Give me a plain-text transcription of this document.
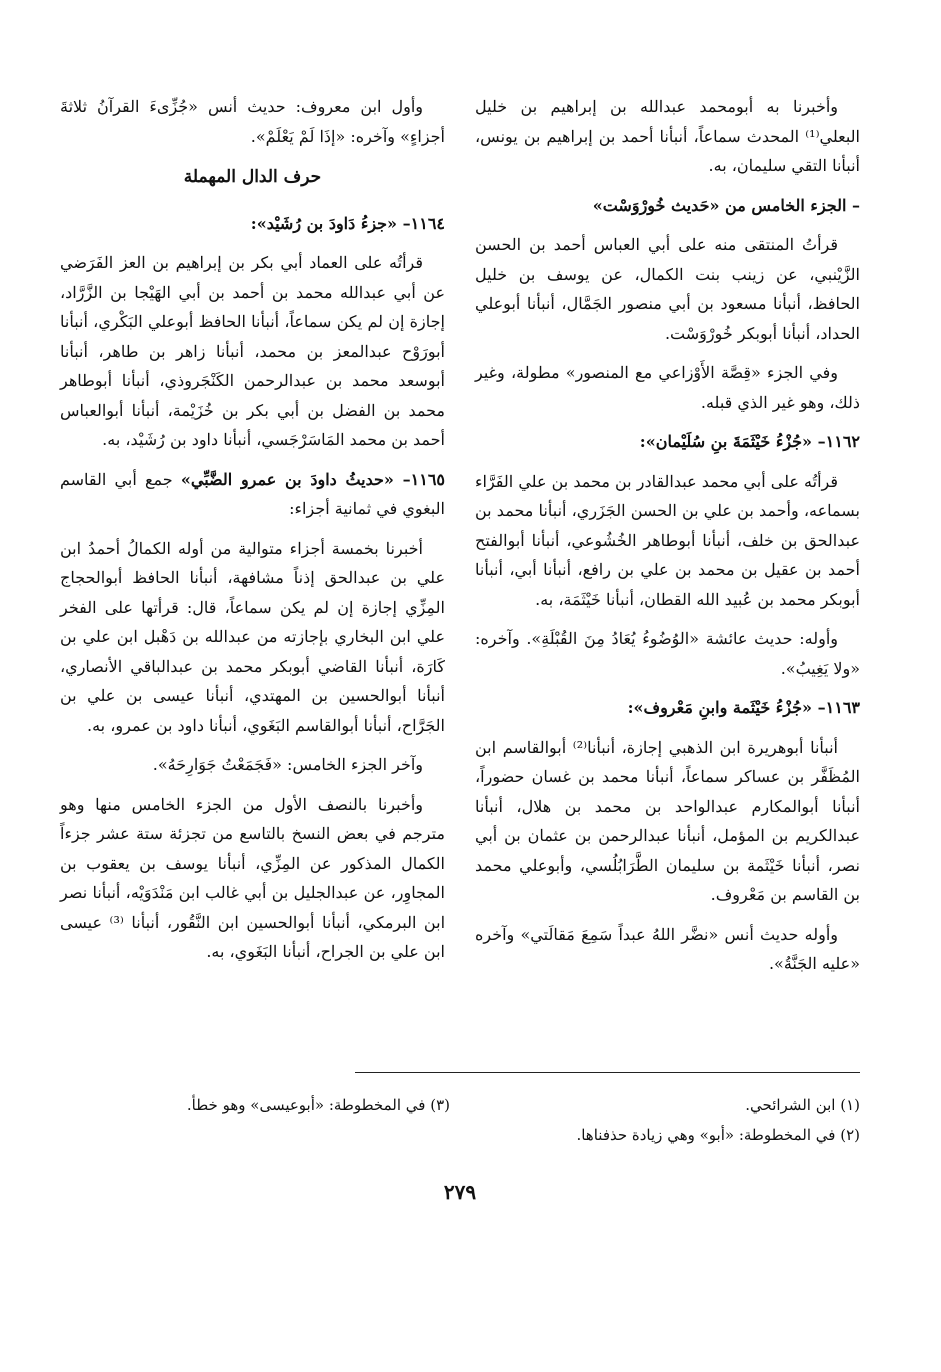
وأخبرنا به أبومحمد عبدالله بن إبراهيم بن خليل البعلي⁽¹⁾ المحدث سماعاً، أنبأنا أحمد بن إبراهيم بن يونس، أنبأنا التقي سليمان، به.

– الجزء الخامس من «حَديث خُورْوَسْت»

قرأتُ المنتقى منه على أبي العباس أحمد بن الحسن الزَّيْنبي، عن زينب بنت الكمال، عن يوسف بن خليل الحافظ، أنبأنا مسعود بن أبي منصور الجَمَّال، أنبأنا أبوعلي الحداد، أنبأنا أبوبكر خُورْوَسْت.

وفي الجزء «قِصَّة الأَوْزاعي مع المنصور» مطولة، وغير ذلك، وهو غير الذي قبله.

١١٦٢– «جُزْءُ خَيْثَمَةَ بنِ سُلَيْمان»:

قرأتُه على أبي محمد عبدالقادر بن محمد بن علي الفَرَّاء بسماعه، وأحمد بن علي بن الحسن الجَزَري، أنبأنا محمد بن عبدالحق بن خلف، أنبأنا أبوطاهر الخُشُوعي، أنبأنا أبوالفتح أحمد بن عقيل بن محمد بن علي بن رافع، أنبأنا أبي، أنبأنا أبوبكر محمد بن عُبيد الله القطان، أنبأنا خَيْثَمَة، به.

وأوله: حديث عائشة «الوُضُوءُ يُعَادُ مِنَ القُبْلَةِ». وآخره: «ولا يَغِيبُ».

١١٦٣– «جُزْءُ خَيْثَمة وابنِ مَعْروف»:

أنبأنا أبوهريرة ابن الذهبي إجازة، أنبأنا⁽²⁾ أبوالقاسم ابن المُظَفَّر بن عساكر سماعاً، أنبأنا محمد بن غسان حضوراً، أنبأنا أبوالمكارم عبدالواحد بن محمد بن هلال، أنبأنا عبدالكريم بن المؤمل، أنبأنا عبدالرحمن بن عثمان بن أبي نصر، أنبأنا خَيْثَمة بن سليمان الطَّرَابُلُسي، وأبوعلي محمد بن القاسم بن مَعْروف.

وأوله حديث أنس «نضَّر اللهُ عبداً سَمِعَ مَقالَتي» وآخره «عليه الجَنَّةُ».

وأول ابن معروف: حديث أنس «جُزِّىءَ القرآنُ ثلاثةَ أجزاءٍ» وآخره: «إذَا لَمْ يَعْلَمْ».

حرف الدال المهملة

١١٦٤– «جزءُ دَاودَ بن رُشَيْد»:

قرأتُه على العماد أبي بكر بن إبراهيم بن العز الفَرَضي عن أبي عبدالله محمد بن أحمد بن أبي الهَيْجا بن الزَّرَّاد، إجازة إن لم يكن سماعاً، أنبأنا الحافظ أبوعلي البَكْري، أنبأنا أبورَوْح عبدالمعز بن محمد، أنبأنا زاهر بن طاهر، أنبأنا أبوسعد محمد بن عبدالرحمن الكَنْجَروذي، أنبأنا أبوطاهر محمد بن الفضل بن أبي بكر بن خُزَيْمة، أنبأنا أبوالعباس أحمد بن محمد المَاسَرْجَسي، أنبأنا داود بن رُشَيْد، به.

١١٦٥– «حديثُ داودَ بن عمرو الضَّبِّي» جمع أبي القاسم البغوي في ثمانية أجزاء:

أخبرنا بخمسة أجزاء متوالية من أوله الكمالُ أحمدُ ابن علي بن عبدالحق إذناً مشافهة، أنبأنا الحافظ أبوالحجاج المِزِّي إجازة إن لم يكن سماعاً، قال: قرأتها على الفخر علي ابن البخاري بإجازته من عبدالله بن دَهْبل ابن علي بن كَارَة، أنبأنا القاضي أبوبكر محمد بن عبدالباقي الأنصاري، أنبأنا أبوالحسين بن المهتدي، أنبأنا عيسى بن علي بن الجَرَّاح، أنبأنا أبوالقاسم البَغَوي، أنبأنا داود بن عمرو، به.

وآخر الجزء الخامس: «فَجَمَعْتُ جَوَارِحَهُ».

وأخبرنا بالنصف الأول من الجزء الخامس منها وهو مترجم في بعض النسخ بالتاسع من تجزئة ستة عشر جزءاً الكمال المذكور عن المِزِّي، أنبأنا يوسف بن يعقوب بن المجاوِر، عن عبدالجليل بن أبي غالب ابن مَنْدَوَيْه، أنبأنا نصر ابن البرمكي، أنبأنا أبوالحسين ابن النَّقُور، أنبأنا ⁽³⁾ عيسى ابن علي بن الجراح، أنبأنا البَغَوي، به.

(١) ابن الشرائحي.
(٢) في المخطوطة: «أبو» وهي زيادة حذفناها.
(٣) في المخطوطة: «أبوعيسى» وهو خطأ.
٢٧٩
